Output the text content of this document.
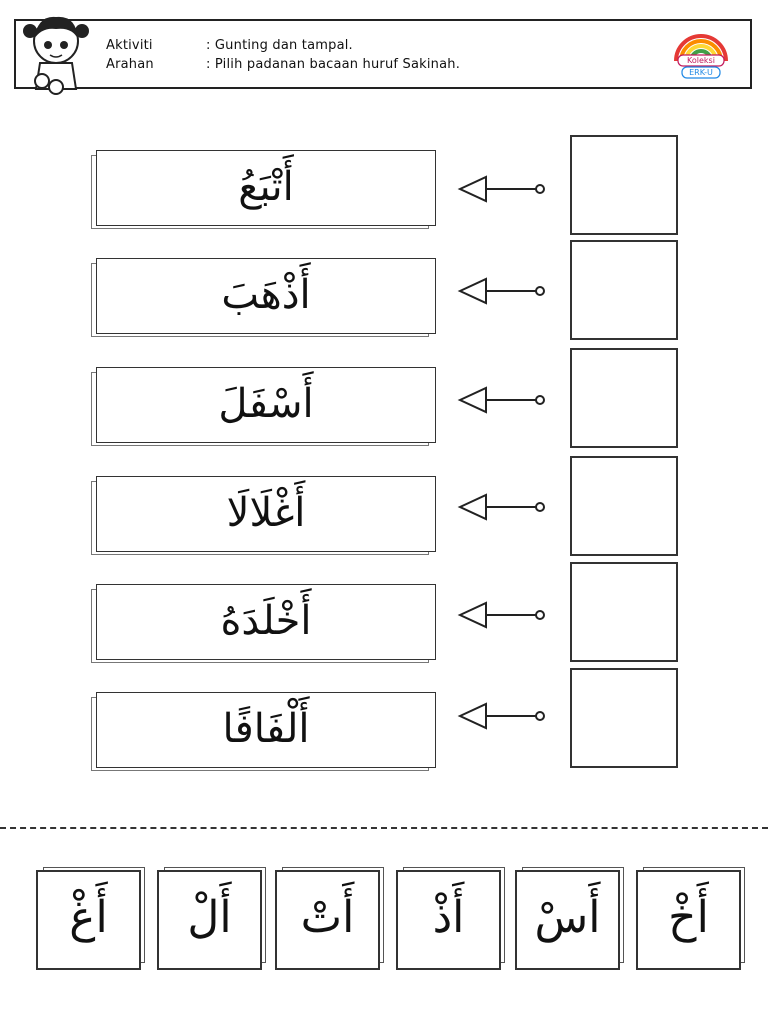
Aktiviti	: Gunting dan tampal.
Arahan	: Pilih padanan bacaan huruf Sakinah.	Koleksi
ERK-U
أَتْبَعُ
أَذْهَبَ
أَسْفَلَ
أَغْلَالَا
أَخْلَدَهُ
أَلْفَافًا
أَغْ	أَلْ	أَتْ	أَذْ	أَسْ	أَخْ
